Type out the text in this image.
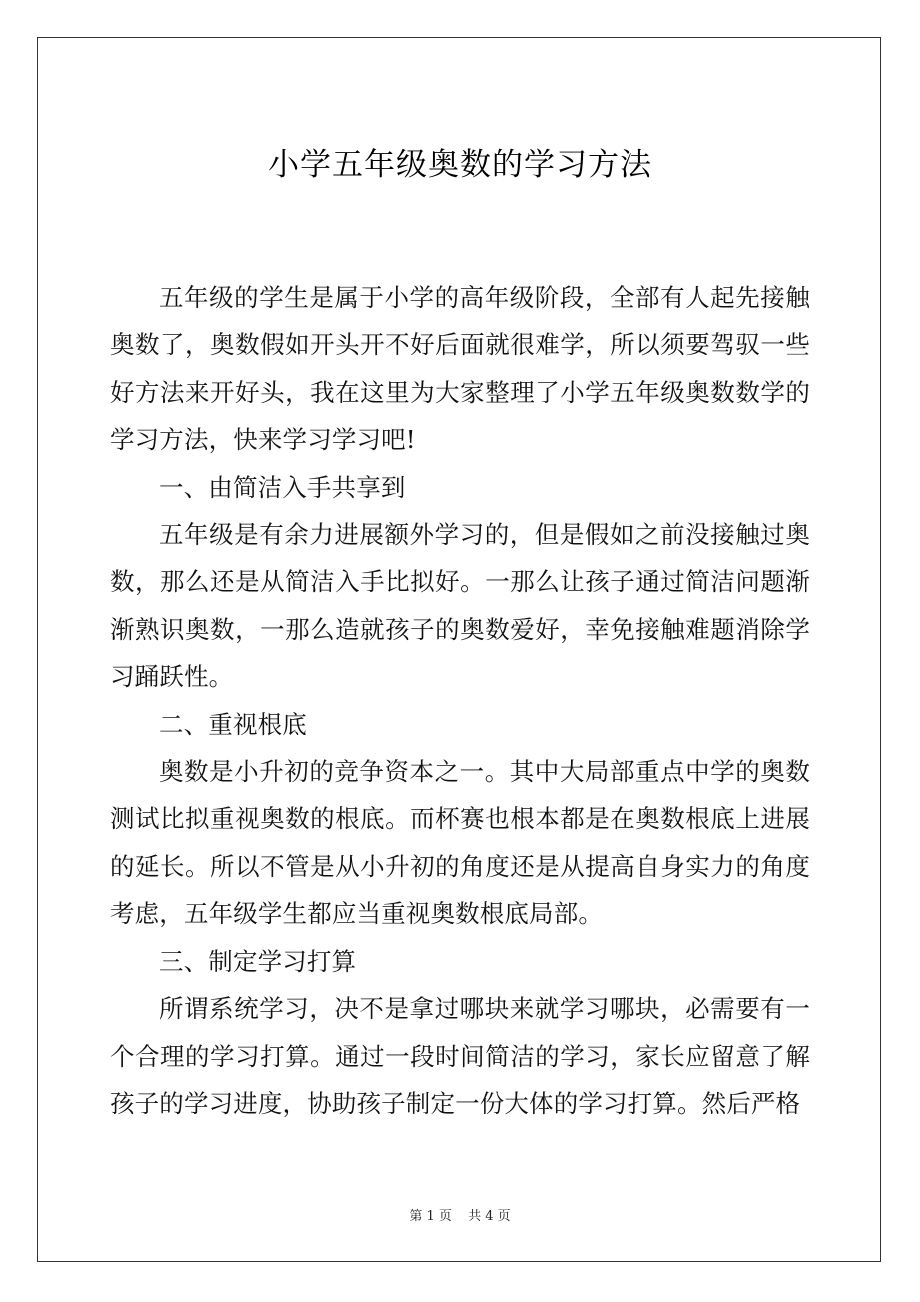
小学五年级奥数的学习方法

五年级的学生是属于小学的高年级阶段，全部有人起先接触奥数了，奥数假如开头开不好后面就很难学，所以须要驾驭一些好方法来开好头，我在这里为大家整理了小学五年级奥数数学的学习方法，快来学习学习吧!

一、由简洁入手共享到

五年级是有余力进展额外学习的，但是假如之前没接触过奥数，那么还是从简洁入手比拟好。一那么让孩子通过简洁问题渐渐熟识奥数，一那么造就孩子的奥数爱好，幸免接触难题消除学习踊跃性。

二、重视根底

奥数是小升初的竞争资本之一。其中大局部重点中学的奥数测试比拟重视奥数的根底。而杯赛也根本都是在奥数根底上进展的延长。所以不管是从小升初的角度还是从提高自身实力的角度考虑，五年级学生都应当重视奥数根底局部。

三、制定学习打算

所谓系统学习，决不是拿过哪块来就学习哪块，必需要有一个合理的学习打算。通过一段时间简洁的学习，家长应留意了解孩子的学习进度，协助孩子制定一份大体的学习打算。然后严格

第 1 页 共 4 页
